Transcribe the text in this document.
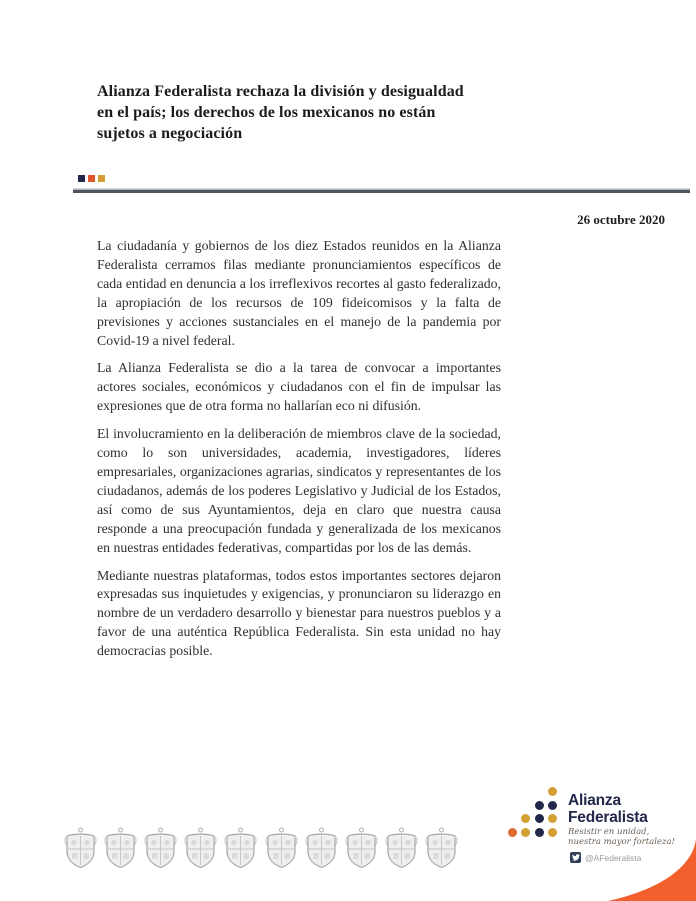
Alianza Federalista rechaza la división y desigualdad
en el país; los derechos de los mexicanos no están
sujetos a negociación
26 octubre 2020

La ciudadanía y gobiernos de los diez Estados reunidos en la Alianza Federalista cerramos filas mediante pronunciamientos específicos de cada entidad en denuncia a los irreflexivos recortes al gasto federalizado, la apropiación de los recursos de 109 fideicomisos y la falta de previsiones y acciones sustanciales en el manejo de la pandemia por Covid-19 a nivel federal.

La Alianza Federalista se dio a la tarea de convocar a importantes actores sociales, económicos y ciudadanos con el fin de impulsar las expresiones que de otra forma no hallarían eco ni difusión.

El involucramiento en la deliberación de miembros clave de la sociedad, como lo son universidades, academia, investigadores, líderes empresariales, organizaciones agrarias, sindicatos y representantes de los ciudadanos, además de los poderes Legislativo y Judicial de los Estados, así como de sus Ayuntamientos, deja en claro que nuestra causa responde a una preocupación fundada y generalizada de los mexicanos en nuestras entidades federativas, compartidas por los de las demás.

Mediante nuestras plataformas, todos estos importantes sectores dejaron expresadas sus inquietudes y exigencias, y pronunciaron su liderazgo en nombre de un verdadero desarrollo y bienestar para nuestros pueblos y a favor de una auténtica República Federalista. Sin esta unidad no hay democracias posible.

Alianza
Federalista
Resistir en unidad,
nuestra mayor fortaleza!
@AFederalista
